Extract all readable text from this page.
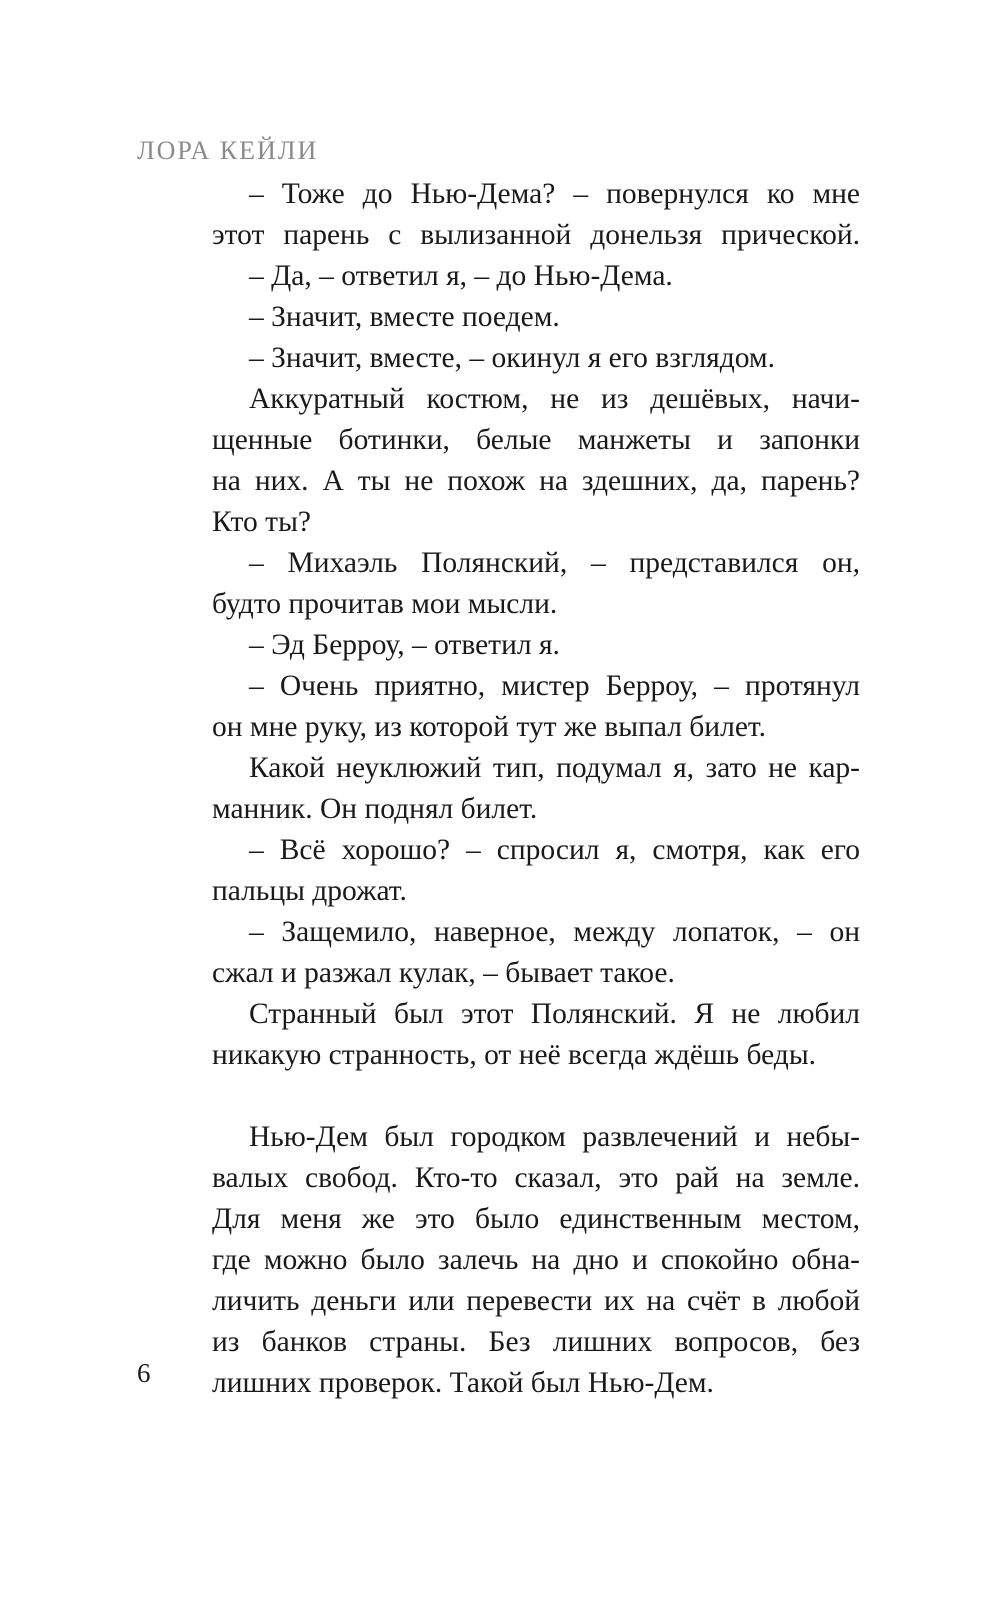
ЛОРА КЕЙЛИ
– Тоже до Нью-Дема? – повернулся ко мне
этот парень с вылизанной донельзя прической.
– Да, – ответил я, – до Нью-Дема.
– Значит, вместе поедем.
– Значит, вместе, – окинул я его взглядом.
Аккуратный костюм, не из дешёвых, начи-
щенные ботинки, белые манжеты и запонки
на них. А ты не похож на здешних, да, парень?
Кто ты?
– Михаэль Полянский, – представился он,
будто прочитав мои мысли.
– Эд Берроу, – ответил я.
– Очень приятно, мистер Берроу, – протянул
он мне руку, из которой тут же выпал билет.
Какой неуклюжий тип, подумал я, зато не кар-
манник. Он поднял билет.
– Всё хорошо? – спросил я, смотря, как его
пальцы дрожат.
– Защемило, наверное, между лопаток, – он
сжал и разжал кулак, – бывает такое.
Странный был этот Полянский. Я не любил
никакую странность, от неё всегда ждёшь беды.
Нью-Дем был городком развлечений и небы-
валых свобод. Кто-то сказал, это рай на земле.
Для меня же это было единственным местом,
где можно было залечь на дно и спокойно обна-
личить деньги или перевести их на счёт в любой
из банков страны. Без лишних вопросов, без
лишних проверок. Такой был Нью-Дем.
6
